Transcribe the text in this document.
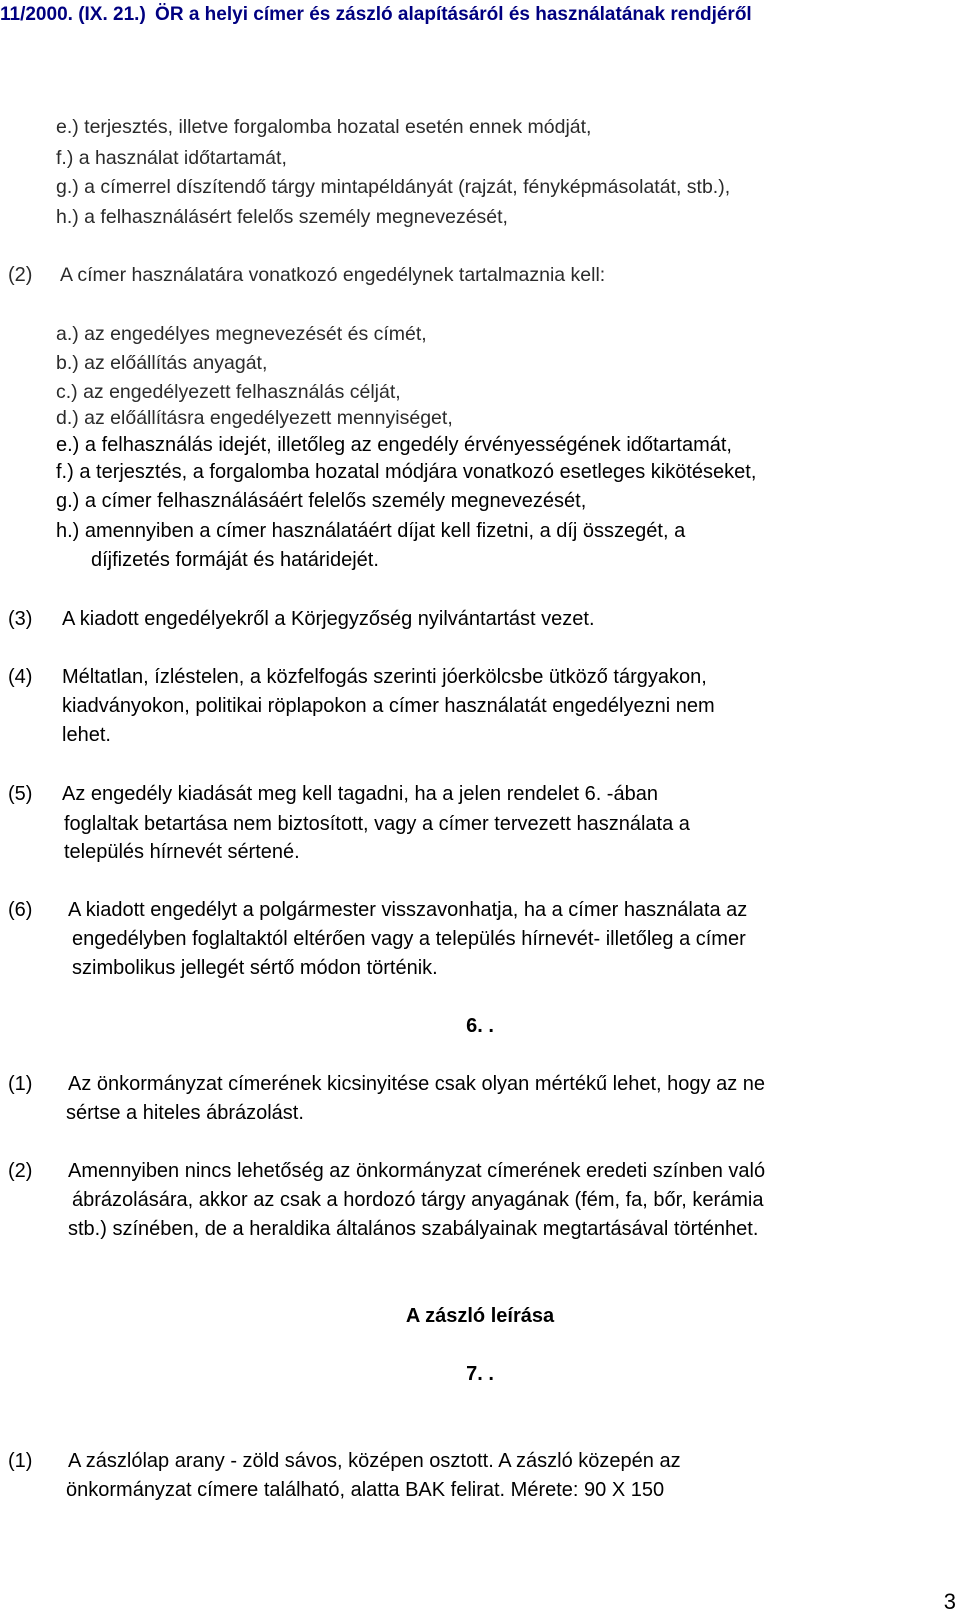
11/2000. (IX. 21.) ÖR a helyi címer és zászló alapításáról és használatának rendjéről
e.) terjesztés, illetve forgalomba hozatal esetén ennek módját,
f.) a használat időtartamát,
g.) a címerrel díszítendő tárgy mintapéldányát (rajzát, fényképmásolatát, stb.),
h.) a felhasználásért felelős személy megnevezését,
(2) A címer használatára vonatkozó engedélynek tartalmaznia kell:
a.) az engedélyes megnevezését és címét,
b.) az előállítás anyagát,
c.) az engedélyezett felhasználás célját,
d.) az előállításra engedélyezett mennyiséget,
e.) a felhasználás idejét, illetőleg az engedély érvényességének időtartamát,
f.) a terjesztés, a forgalomba hozatal módjára vonatkozó esetleges kikötéseket,
g.) a címer felhasználásáért felelős személy megnevezését,
h.) amennyiben a címer használatáért díjat kell fizetni, a díj összegét, a
díjfizetés formáját és határidejét.
(3) A kiadott engedélyekről a Körjegyzőség nyilvántartást vezet.
(4) Méltatlan, ízléstelen, a közfelfogás szerinti jóerkölcsbe ütköző tárgyakon,
kiadványokon, politikai röplapokon a címer használatát engedélyezni nem
lehet.
(5) Az engedély kiadását meg kell tagadni, ha a jelen rendelet 6. -ában
foglaltak betartása nem biztosított, vagy a címer tervezett használata a
település hírnevét sértené.
(6) A kiadott engedélyt a polgármester visszavonhatja, ha a címer használata az
engedélyben foglaltaktól eltérően vagy a település hírnevét- illetőleg a címer
szimbolikus jellegét sértő módon történik.
6. .
(1) Az önkormányzat címerének kicsinyitése csak olyan mértékű lehet, hogy az ne
sértse a hiteles ábrázolást.
(2) Amennyiben nincs lehetőség az önkormányzat címerének eredeti színben való
ábrázolására, akkor az csak a hordozó tárgy anyagának (fém, fa, bőr, kerámia
stb.) színében, de a heraldika általános szabályainak megtartásával történhet.
A zászló leírása
7. .
(1) A zászlólap arany - zöld sávos, középen osztott. A zászló közepén az
önkormányzat címere található, alatta BAK felirat. Mérete: 90 X 150
3
